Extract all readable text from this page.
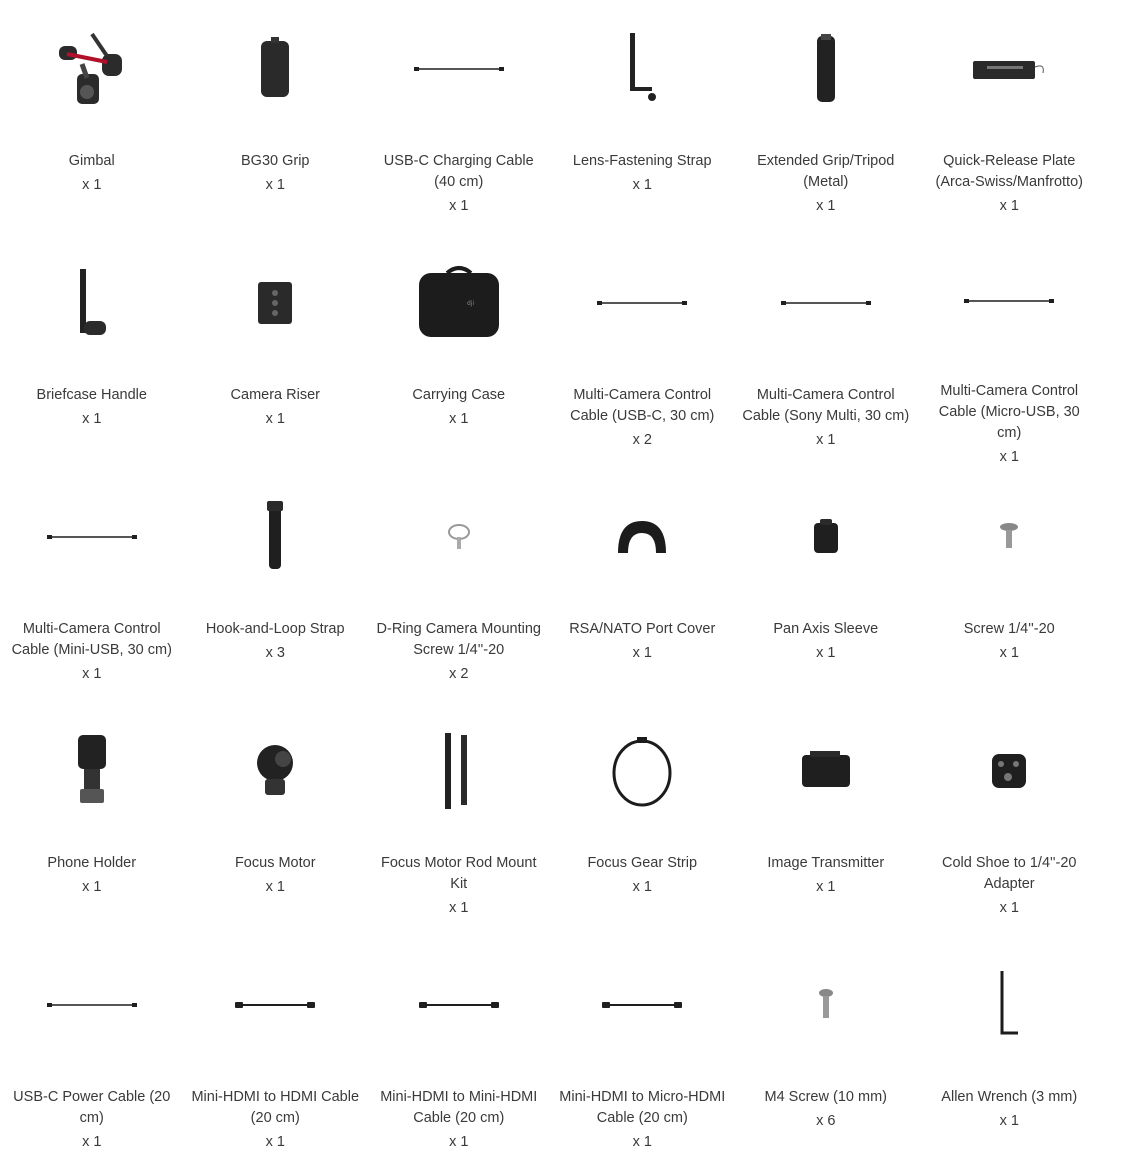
Gimbal
x 1
BG30 Grip
x 1
USB-C Charging Cable (40 cm)
x 1
Lens-Fastening Strap
x 1
Extended Grip/Tripod (Metal)
x 1
Quick-Release Plate (Arca-Swiss/Manfrotto)
x 1
Briefcase Handle
x 1
Camera Riser
x 1
dji
Carrying Case
x 1
Multi-Camera Control Cable (USB-C, 30 cm)
x 2
Multi-Camera Control Cable (Sony Multi, 30 cm)
x 1
Multi-Camera Control Cable (Micro-USB, 30 cm)
x 1
Multi-Camera Control Cable (Mini-USB, 30 cm)
x 1
Hook-and-Loop Strap
x 3
D-Ring Camera Mounting Screw 1/4''-20
x 2
RSA/NATO Port Cover
x 1
Pan Axis Sleeve
x 1
Screw 1/4''-20
x 1
Phone Holder
x 1
Focus Motor
x 1
Focus Motor Rod Mount Kit
x 1
Focus Gear Strip
x 1
Image Transmitter
x 1
Cold Shoe to 1/4''-20 Adapter
x 1
USB-C Power Cable (20 cm)
x 1
Mini-HDMI to HDMI Cable (20 cm)
x 1
Mini-HDMI to Mini-HDMI Cable (20 cm)
x 1
Mini-HDMI to Micro-HDMI Cable (20 cm)
x 1
M4 Screw (10 mm)
x 6
Allen Wrench (3 mm)
x 1
